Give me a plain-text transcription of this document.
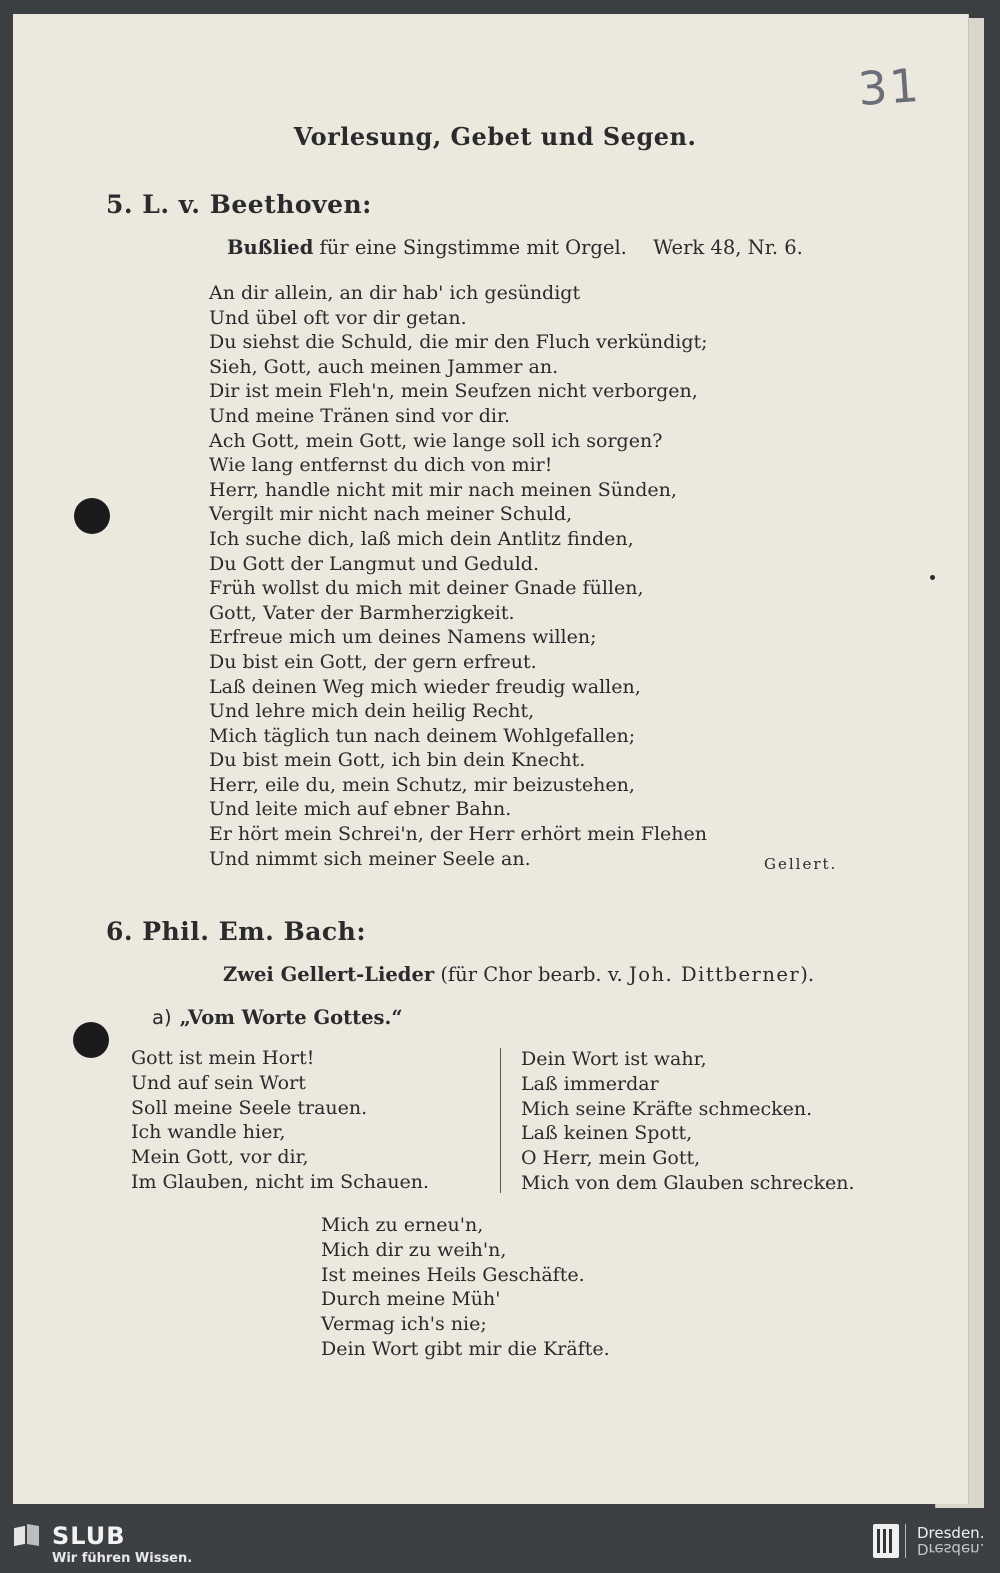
31
Vorlesung, Gebet und Segen.
5. L. v. Beethoven:
Bußlied für eine Singstimme mit Orgel. Werk 48, Nr. 6.
An dir allein, an dir hab' ich gesündigt
Und übel oft vor dir getan.
Du siehst die Schuld, die mir den Fluch verkündigt;
Sieh, Gott, auch meinen Jammer an.
Dir ist mein Fleh'n, mein Seufzen nicht verborgen,
Und meine Tränen sind vor dir.
Ach Gott, mein Gott, wie lange soll ich sorgen?
Wie lang entfernst du dich von mir!
Herr, handle nicht mit mir nach meinen Sünden,
Vergilt mir nicht nach meiner Schuld,
Ich suche dich, laß mich dein Antlitz finden,
Du Gott der Langmut und Geduld.
Früh wollst du mich mit deiner Gnade füllen,
Gott, Vater der Barmherzigkeit.
Erfreue mich um deines Namens willen;
Du bist ein Gott, der gern erfreut.
Laß deinen Weg mich wieder freudig wallen,
Und lehre mich dein heilig Recht,
Mich täglich tun nach deinem Wohlgefallen;
Du bist mein Gott, ich bin dein Knecht.
Herr, eile du, mein Schutz, mir beizustehen,
Und leite mich auf ebner Bahn.
Er hört mein Schrei'n, der Herr erhört mein Flehen
Und nimmt sich meiner Seele an.	Gellert.
6. Phil. Em. Bach:
Zwei Gellert-Lieder (für Chor bearb. v. Joh. Dittberner).
a) „Vom Worte Gottes.“
Gott ist mein Hort!
Und auf sein Wort
Soll meine Seele trauen.
Ich wandle hier,
Mein Gott, vor dir,
Im Glauben, nicht im Schauen.
Dein Wort ist wahr,
Laß immerdar
Mich seine Kräfte schmecken.
Laß keinen Spott,
O Herr, mein Gott,
Mich von dem Glauben schrecken.
Mich zu erneu'n,
Mich dir zu weih'n,
Ist meines Heils Geschäfte.
Durch meine Müh'
Vermag ich's nie;
Dein Wort gibt mir die Kräfte.
SLUB
Wir führen Wissen.
Dresden.
Dresden.
